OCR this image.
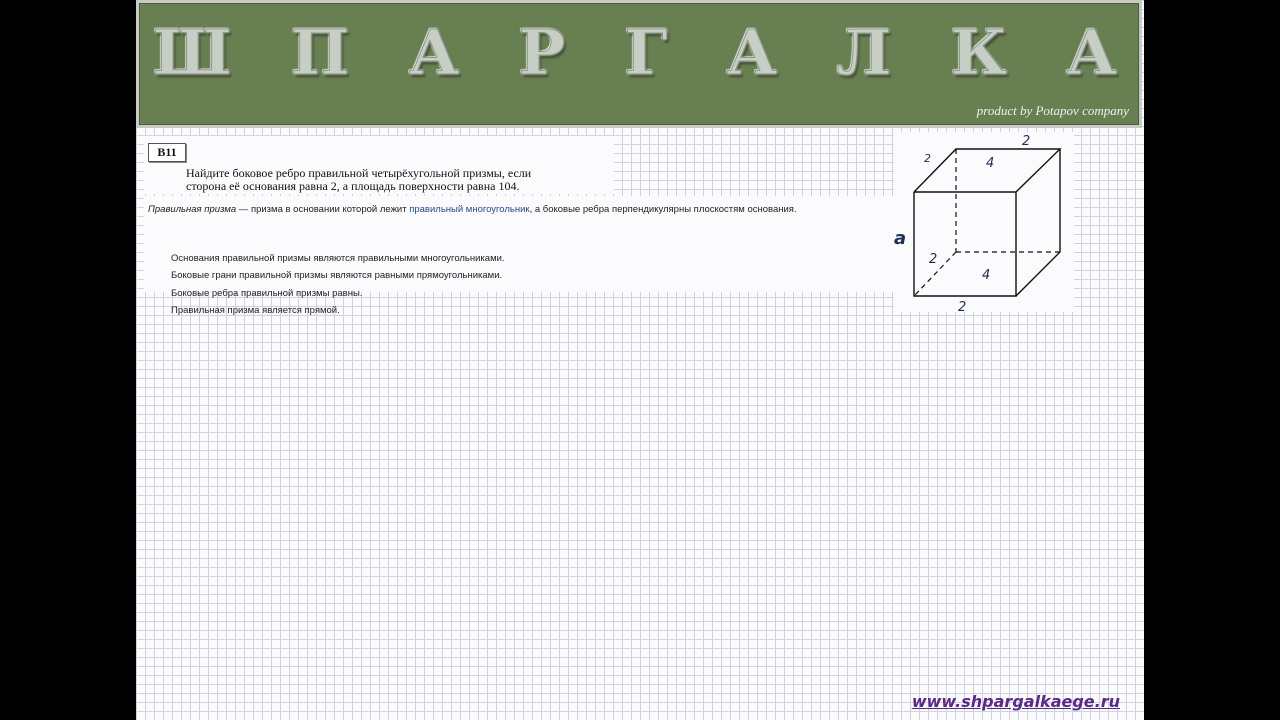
Ш П А Р Г А Л К А
product by Potapov company
B11
Найдите боковое ребро правильной четырёхугольной призмы, если
сторона её основания равна 2, а площадь поверхности равна 104.
Правильная призма — призма в основании которой лежит правильный многоугольник, а боковые ребра перпендикулярны плоскостям основания.
Основания правильной призмы являются правильными многоугольниками.
Боковые грани правильной призмы являются равными прямоугольниками.
Боковые ребра правильной призмы равны.
Правильная призма является прямой.
2
2	4
a
2
4
2
www.shpargalkaege.ru
